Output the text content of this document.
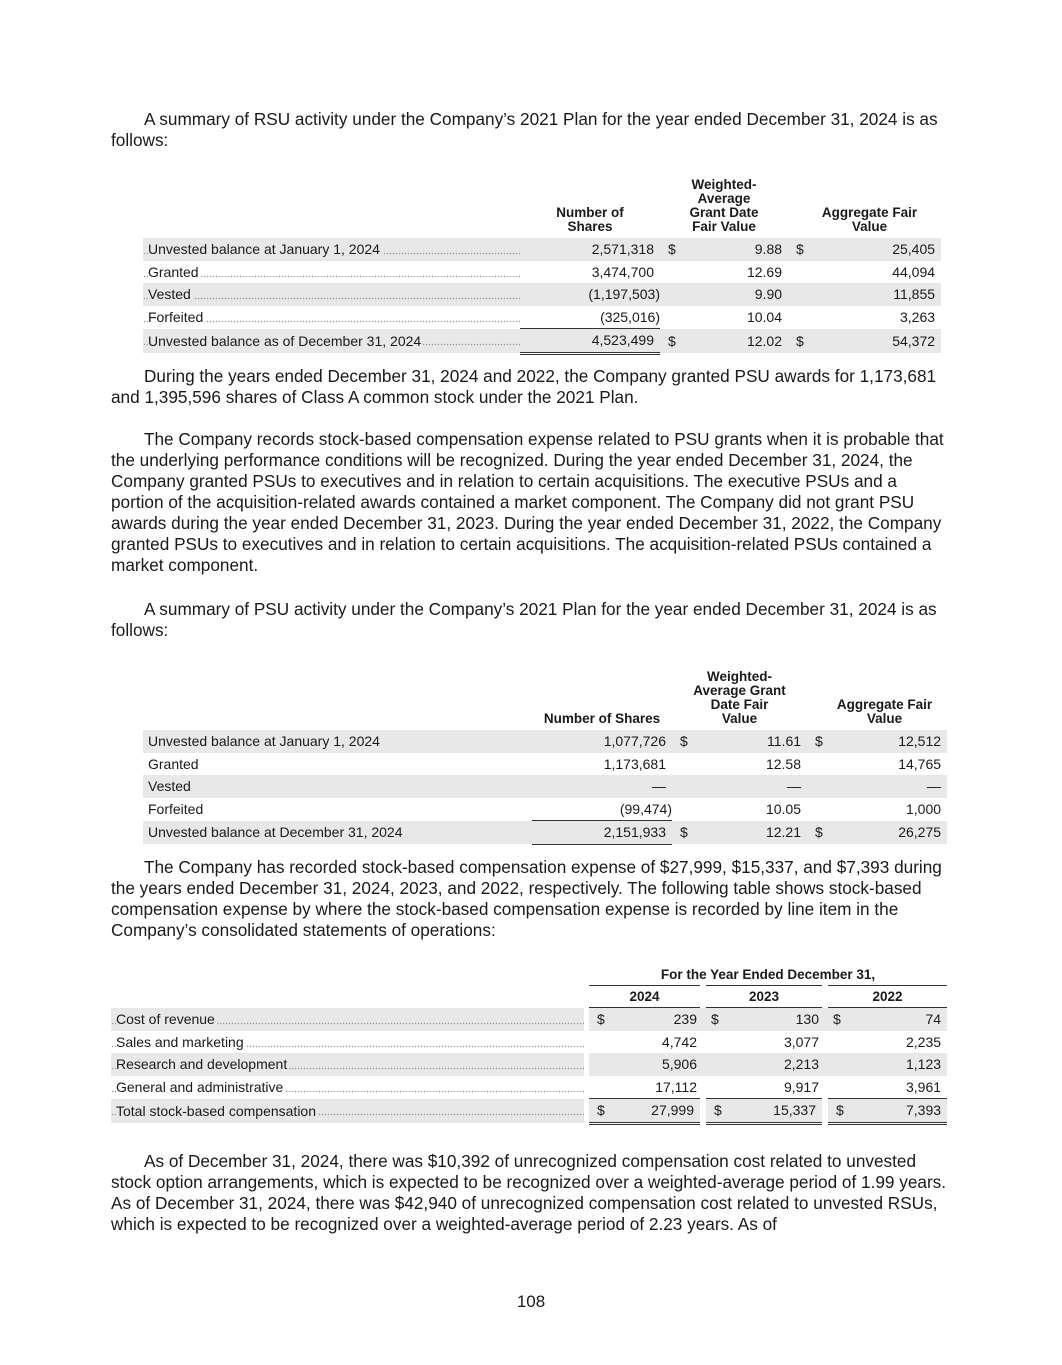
A summary of RSU activity under the Company’s 2021 Plan for the year ended December 31, 2024 is as follows:

	Number of Shares	Weighted-Average Grant Date Fair Value		Aggregate Fair Value	
Unvested balance at January 1, 2024	2,571,318	$	9.88	$	25,405
Granted	3,474,700		12.69		44,094
Vested	(1,197,503)		9.90		11,855
Forfeited	(325,016)		10.04		3,263
Unvested balance as of December 31, 2024	4,523,499	$	12.02	$	54,372

During the years ended December 31, 2024 and 2022, the Company granted PSU awards for 1,173,681 and 1,395,596 shares of Class A common stock under the 2021 Plan.

The Company records stock-based compensation expense related to PSU grants when it is probable that the underlying performance conditions will be recognized. During the year ended December 31, 2024, the Company granted PSUs to executives and in relation to certain acquisitions. The executive PSUs and a portion of the acquisition-related awards contained a market component. The Company did not grant PSU awards during the year ended December 31, 2023. During the year ended December 31, 2022, the Company granted PSUs to executives and in relation to certain acquisitions. The acquisition-related PSUs contained a market component.

A summary of PSU activity under the Company’s 2021 Plan for the year ended December 31, 2024 is as follows:

	Number of Shares	Weighted-Average Grant Date Fair Value		Aggregate Fair Value	
Unvested balance at January 1, 2024	1,077,726	$	11.61	$	12,512
Granted	1,173,681		12.58		14,765
Vested	—		—		—
Forfeited	(99,474)		10.05		1,000
Unvested balance at December 31, 2024	2,151,933	$	12.21	$	26,275

The Company has recorded stock-based compensation expense of $27,999, $15,337, and $7,393 during the years ended December 31, 2024, 2023, and 2022, respectively. The following table shows stock-based compensation expense by where the stock-based compensation expense is recorded by line item in the Company’s consolidated statements of operations:

		For the Year Ended December 31,					
		2024		2023		2022	
Cost of revenue		$	239	$	130	$	74
Sales and marketing			4,742		3,077		2,235
Research and development			5,906		2,213		1,123
General and administrative			17,112		9,917		3,961
Total stock-based compensation		$	27,999	$	15,337	$	7,393

As of December 31, 2024, there was $10,392 of unrecognized compensation cost related to unvested stock option arrangements, which is expected to be recognized over a weighted-average period of 1.99 years. As of December 31, 2024, there was $42,940 of unrecognized compensation cost related to unvested RSUs, which is expected to be recognized over a weighted-average period of 2.23 years. As of

108
